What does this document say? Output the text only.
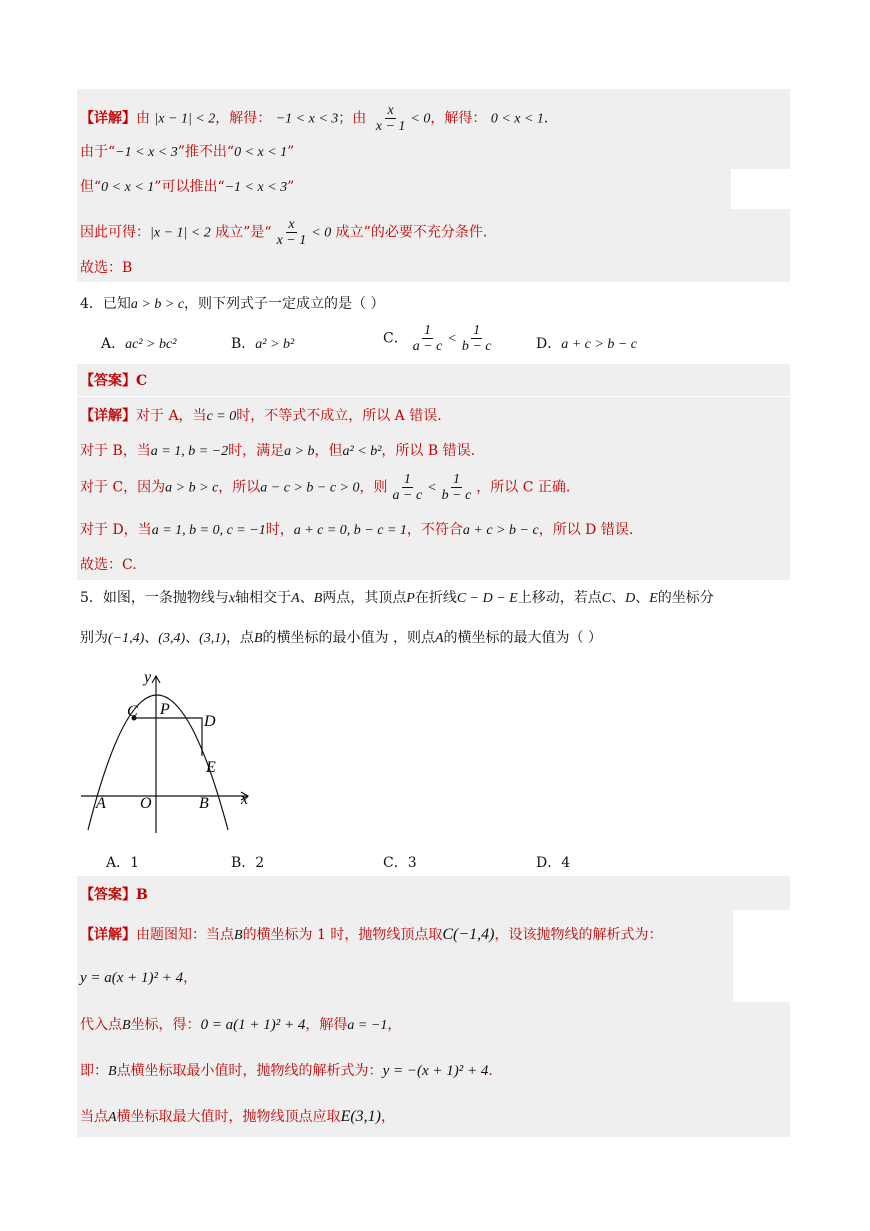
【详解】由 |x − 1| < 2，解得： −1 < x < 3；由 $\frac{x}{x - 1} < 0$，解得： 0 < x < 1.
由于“−1 < x < 3”推不出“0 < x < 1”
但“0 < x < 1”可以推出“−1 < x < 3”
因此可得：|x − 1| < 2 成立”是“ $\frac{x}{x - 1} < 0$ 成立”的必要不充分条件.
故选：B
4．已知a > b > c，则下列式子一定成立的是（ ）
A．ac² > bc²	B．a² > b²	C． $\frac{1}{a - c} < \frac{1}{b - c}$	D．a + c > b − c
【答案】C
【详解】对于 A，当c = 0时，不等式不成立，所以 A 错误.
对于 B，当a = 1, b = −2时，满足a > b，但a² < b²，所以 B 错误.
对于 C，因为a > b > c，所以a − c > b − c > 0，则 $\frac{1}{a - c} < \frac{1}{b - c}$ ，所以 C 正确.
对于 D，当a = 1, b = 0, c = −1时，a + c = 0, b − c = 1，不符合a + c > b − c，所以 D 错误.
故选：C.
5．如图，一条抛物线与x轴相交于A、B两点，其顶点P在折线C − D − E上移动，若点C、D、E的坐标分
别为(−1,4)、(3,4)、(3,1)，点B的横坐标的最小值为 ，则点A的横坐标的最大值为（ ）
y
x
C P
D
E
A O	B
A．1	B．2	C．3	D．4
【答案】B
【详解】由题图知：当点B的横坐标为 1 时，抛物线顶点取C(−1,4)，设该抛物线的解析式为：
y = a(x + 1)² + 4，
代入点B坐标，得：0 = a(1 + 1)² + 4，解得a = −1，
即：B点横坐标取最小值时，抛物线的解析式为：y = −(x + 1)² + 4.
当点A横坐标取最大值时，抛物线顶点应取E(3,1)，
